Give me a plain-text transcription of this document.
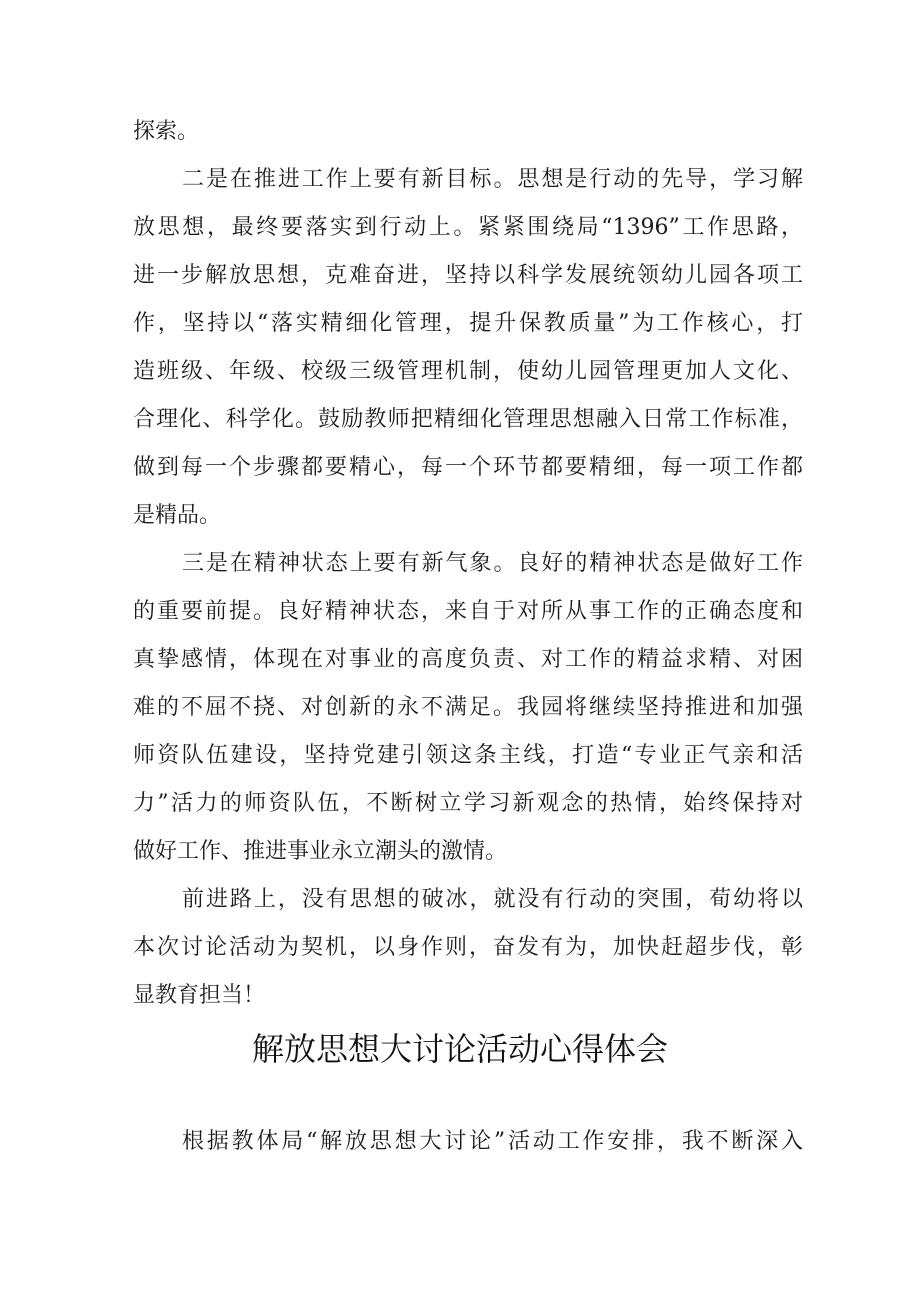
探索。
二是在推进工作上要有新目标。思想是行动的先导，学习解
放思想，最终要落实到行动上。紧紧围绕局“1396”工作思路，
进一步解放思想，克难奋进，坚持以科学发展统领幼儿园各项工
作，坚持以“落实精细化管理，提升保教质量”为工作核心，打
造班级、年级、校级三级管理机制，使幼儿园管理更加人文化、
合理化、科学化。鼓励教师把精细化管理思想融入日常工作标准，
做到每一个步骤都要精心，每一个环节都要精细，每一项工作都
是精品。
三是在精神状态上要有新气象。良好的精神状态是做好工作
的重要前提。良好精神状态，来自于对所从事工作的正确态度和
真挚感情，体现在对事业的高度负责、对工作的精益求精、对困
难的不屈不挠、对创新的永不满足。我园将继续坚持推进和加强
师资队伍建设，坚持党建引领这条主线，打造“专业正气亲和活
力”活力的师资队伍，不断树立学习新观念的热情，始终保持对
做好工作、推进事业永立潮头的激情。
前进路上，没有思想的破冰，就没有行动的突围，荀幼将以
本次讨论活动为契机，以身作则，奋发有为，加快赶超步伐，彰
显教育担当！
解放思想大讨论活动心得体会
根据教体局“解放思想大讨论”活动工作安排，我不断深入
